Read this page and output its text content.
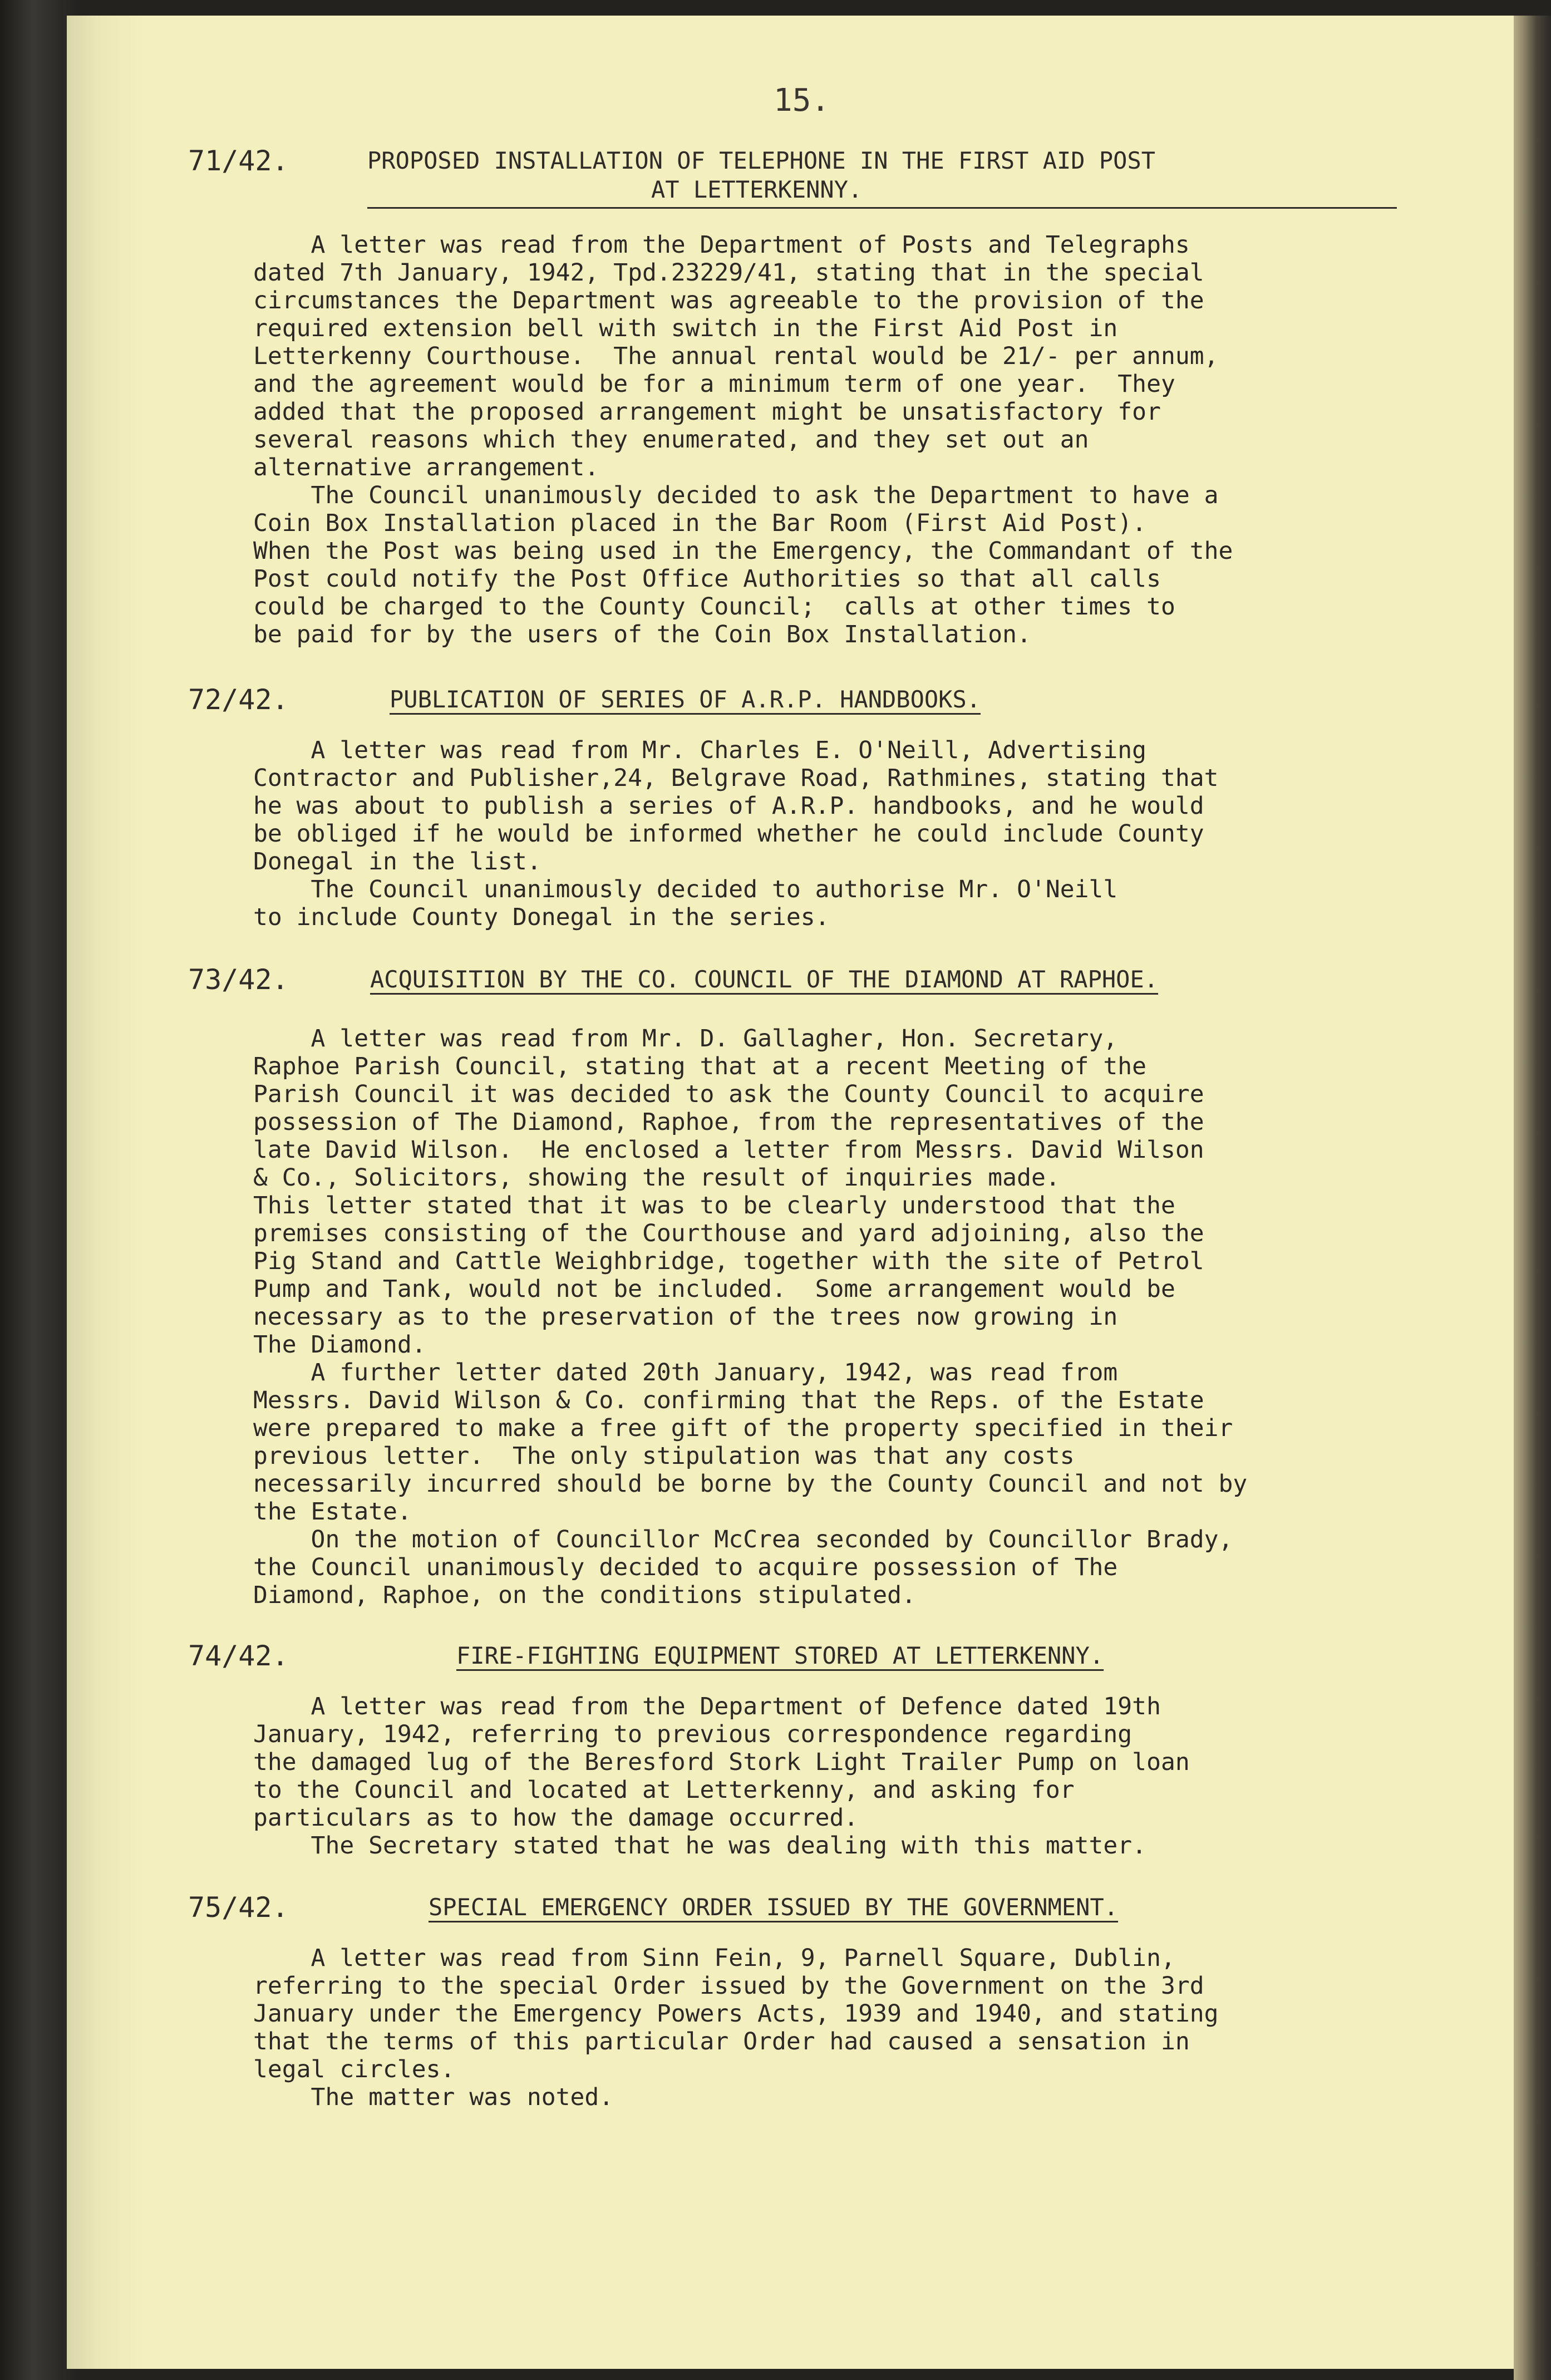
15.
71/42.	PROPOSED INSTALLATION OF TELEPHONE IN THE FIRST AID POST
AT LETTERKENNY.
A letter was read from the Department of Posts and Telegraphs
dated 7th January, 1942, Tpd.23229/41, stating that in the special
circumstances the Department was agreeable to the provision of the
required extension bell with switch in the First Aid Post in
Letterkenny Courthouse.  The annual rental would be 21/- per annum,
and the agreement would be for a minimum term of one year.  They
added that the proposed arrangement might be unsatisfactory for
several reasons which they enumerated, and they set out an
alternative arrangement.
The Council unanimously decided to ask the Department to have a
Coin Box Installation placed in the Bar Room (First Aid Post).
When the Post was being used in the Emergency, the Commandant of the
Post could notify the Post Office Authorities so that all calls
could be charged to the County Council;  calls at other times to
be paid for by the users of the Coin Box Installation.
72/42.	PUBLICATION OF SERIES OF A.R.P. HANDBOOKS.
A letter was read from Mr. Charles E. O'Neill, Advertising
Contractor and Publisher,24, Belgrave Road, Rathmines, stating that
he was about to publish a series of A.R.P. handbooks, and he would
be obliged if he would be informed whether he could include County
Donegal in the list.
The Council unanimously decided to authorise Mr. O'Neill
to include County Donegal in the series.
73/42.	ACQUISITION BY THE CO. COUNCIL OF THE DIAMOND AT RAPHOE.
A letter was read from Mr. D. Gallagher, Hon. Secretary,
Raphoe Parish Council, stating that at a recent Meeting of the
Parish Council it was decided to ask the County Council to acquire
possession of The Diamond, Raphoe, from the representatives of the
late David Wilson.  He enclosed a letter from Messrs. David Wilson
& Co., Solicitors, showing the result of inquiries made.
This letter stated that it was to be clearly understood that the
premises consisting of the Courthouse and yard adjoining, also the
Pig Stand and Cattle Weighbridge, together with the site of Petrol
Pump and Tank, would not be included.  Some arrangement would be
necessary as to the preservation of the trees now growing in
The Diamond.
A further letter dated 20th January, 1942, was read from
Messrs. David Wilson & Co. confirming that the Reps. of the Estate
were prepared to make a free gift of the property specified in their
previous letter.  The only stipulation was that any costs
necessarily incurred should be borne by the County Council and not by
the Estate.
On the motion of Councillor McCrea seconded by Councillor Brady,
the Council unanimously decided to acquire possession of The
Diamond, Raphoe, on the conditions stipulated.
74/42.	FIRE-FIGHTING EQUIPMENT STORED AT LETTERKENNY.
A letter was read from the Department of Defence dated 19th
January, 1942, referring to previous correspondence regarding
the damaged lug of the Beresford Stork Light Trailer Pump on loan
to the Council and located at Letterkenny, and asking for
particulars as to how the damage occurred.
The Secretary stated that he was dealing with this matter.
75/42.	SPECIAL EMERGENCY ORDER ISSUED BY THE GOVERNMENT.
A letter was read from Sinn Fein, 9, Parnell Square, Dublin,
referring to the special Order issued by the Government on the 3rd
January under the Emergency Powers Acts, 1939 and 1940, and stating
that the terms of this particular Order had caused a sensation in
legal circles.
The matter was noted.
